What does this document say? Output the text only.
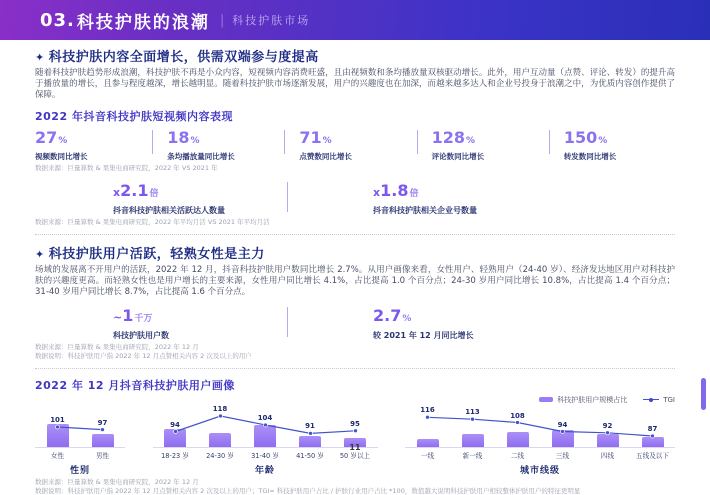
03. 科技护肤的浪潮 | 科技护肤市场
✦ 科技护肤内容全面增长，供需双端参与度提高
随着科技护肤趋势形成浪潮，科技护肤不再是小众内容，短视频内容消费旺盛，且由视频数和条均播放量双核驱动增长。此外，用户互动量（点赞、评论、转发）的提升高于播放量的增长，且参与程度越深，增长越明显。随着科技护肤市场逐渐发展，用户的兴趣度也在加深，而越来越多达人和企业号投身于浪潮之中，为优质内容创作提供了保障。
2022 年抖音科技护肤短视频内容表现
27%
视频数同比增长
18%
条均播放量同比增长
71%
点赞数同比增长
128%
评论数同比增长
150%
转发数同比增长
数据来源：巨量算数 & 果集电商研究院，2022 年 VS 2021 年
x2.1倍
抖音科技护肤相关活跃达人数量
x1.8倍
抖音科技护肤相关企业号数量
数据来源：巨量算数 & 果集电商研究院，2022 年平均月活 VS 2021 年平均月活
✦ 科技护肤用户活跃，轻熟女性是主力
场域的发展离不开用户的活跃，2022 年 12 月，抖音科技护肤用户数同比增长 2.7%。从用户画像来看，女性用户、轻熟用户（24-40 岁）、经济发达地区用户对科技护肤的兴趣度更高。而轻熟女性也是用户增长的主要来源，女性用户同比增长 4.1%，占比提高 1.0 个百分点；24-30 岁用户同比增长 10.8%，占比提高 1.4 个百分点；31-40 岁用户同比增长 8.7%，占比提高 1.6 个百分点。
~1千万
科技护肤用户数
2.7%
较 2021 年 12 月同比增长
数据来源：巨量算数 & 果集电商研究院，2022 年 12 月
数据说明：科技护肤用户指 2022 年 12 月点赞相关内容 2 次及以上的用户
2022 年 12 月抖音科技护肤用户画像
科技护肤用户规模占比	TGI
101	97
女性	男性
性别
94
118
104
91	95
18-23 岁	24-30 岁	31-40 岁	41-50 岁	50 岁以上
年龄
116	113	108
94	92	87
一线	新一线	二线	三线	四线	五线及以下
城市线级
数据来源：巨量算数 & 果集电商研究院，2022 年 12 月
数据说明：科技护肤用户指 2022 年 12 月点赞相关内容 2 次及以上的用户；TGI= 科技护肤用户占比 / 护肤行业用户占比 *100，数值越大说明科技护肤用户相较整体护肤用户的特征更明显
11
